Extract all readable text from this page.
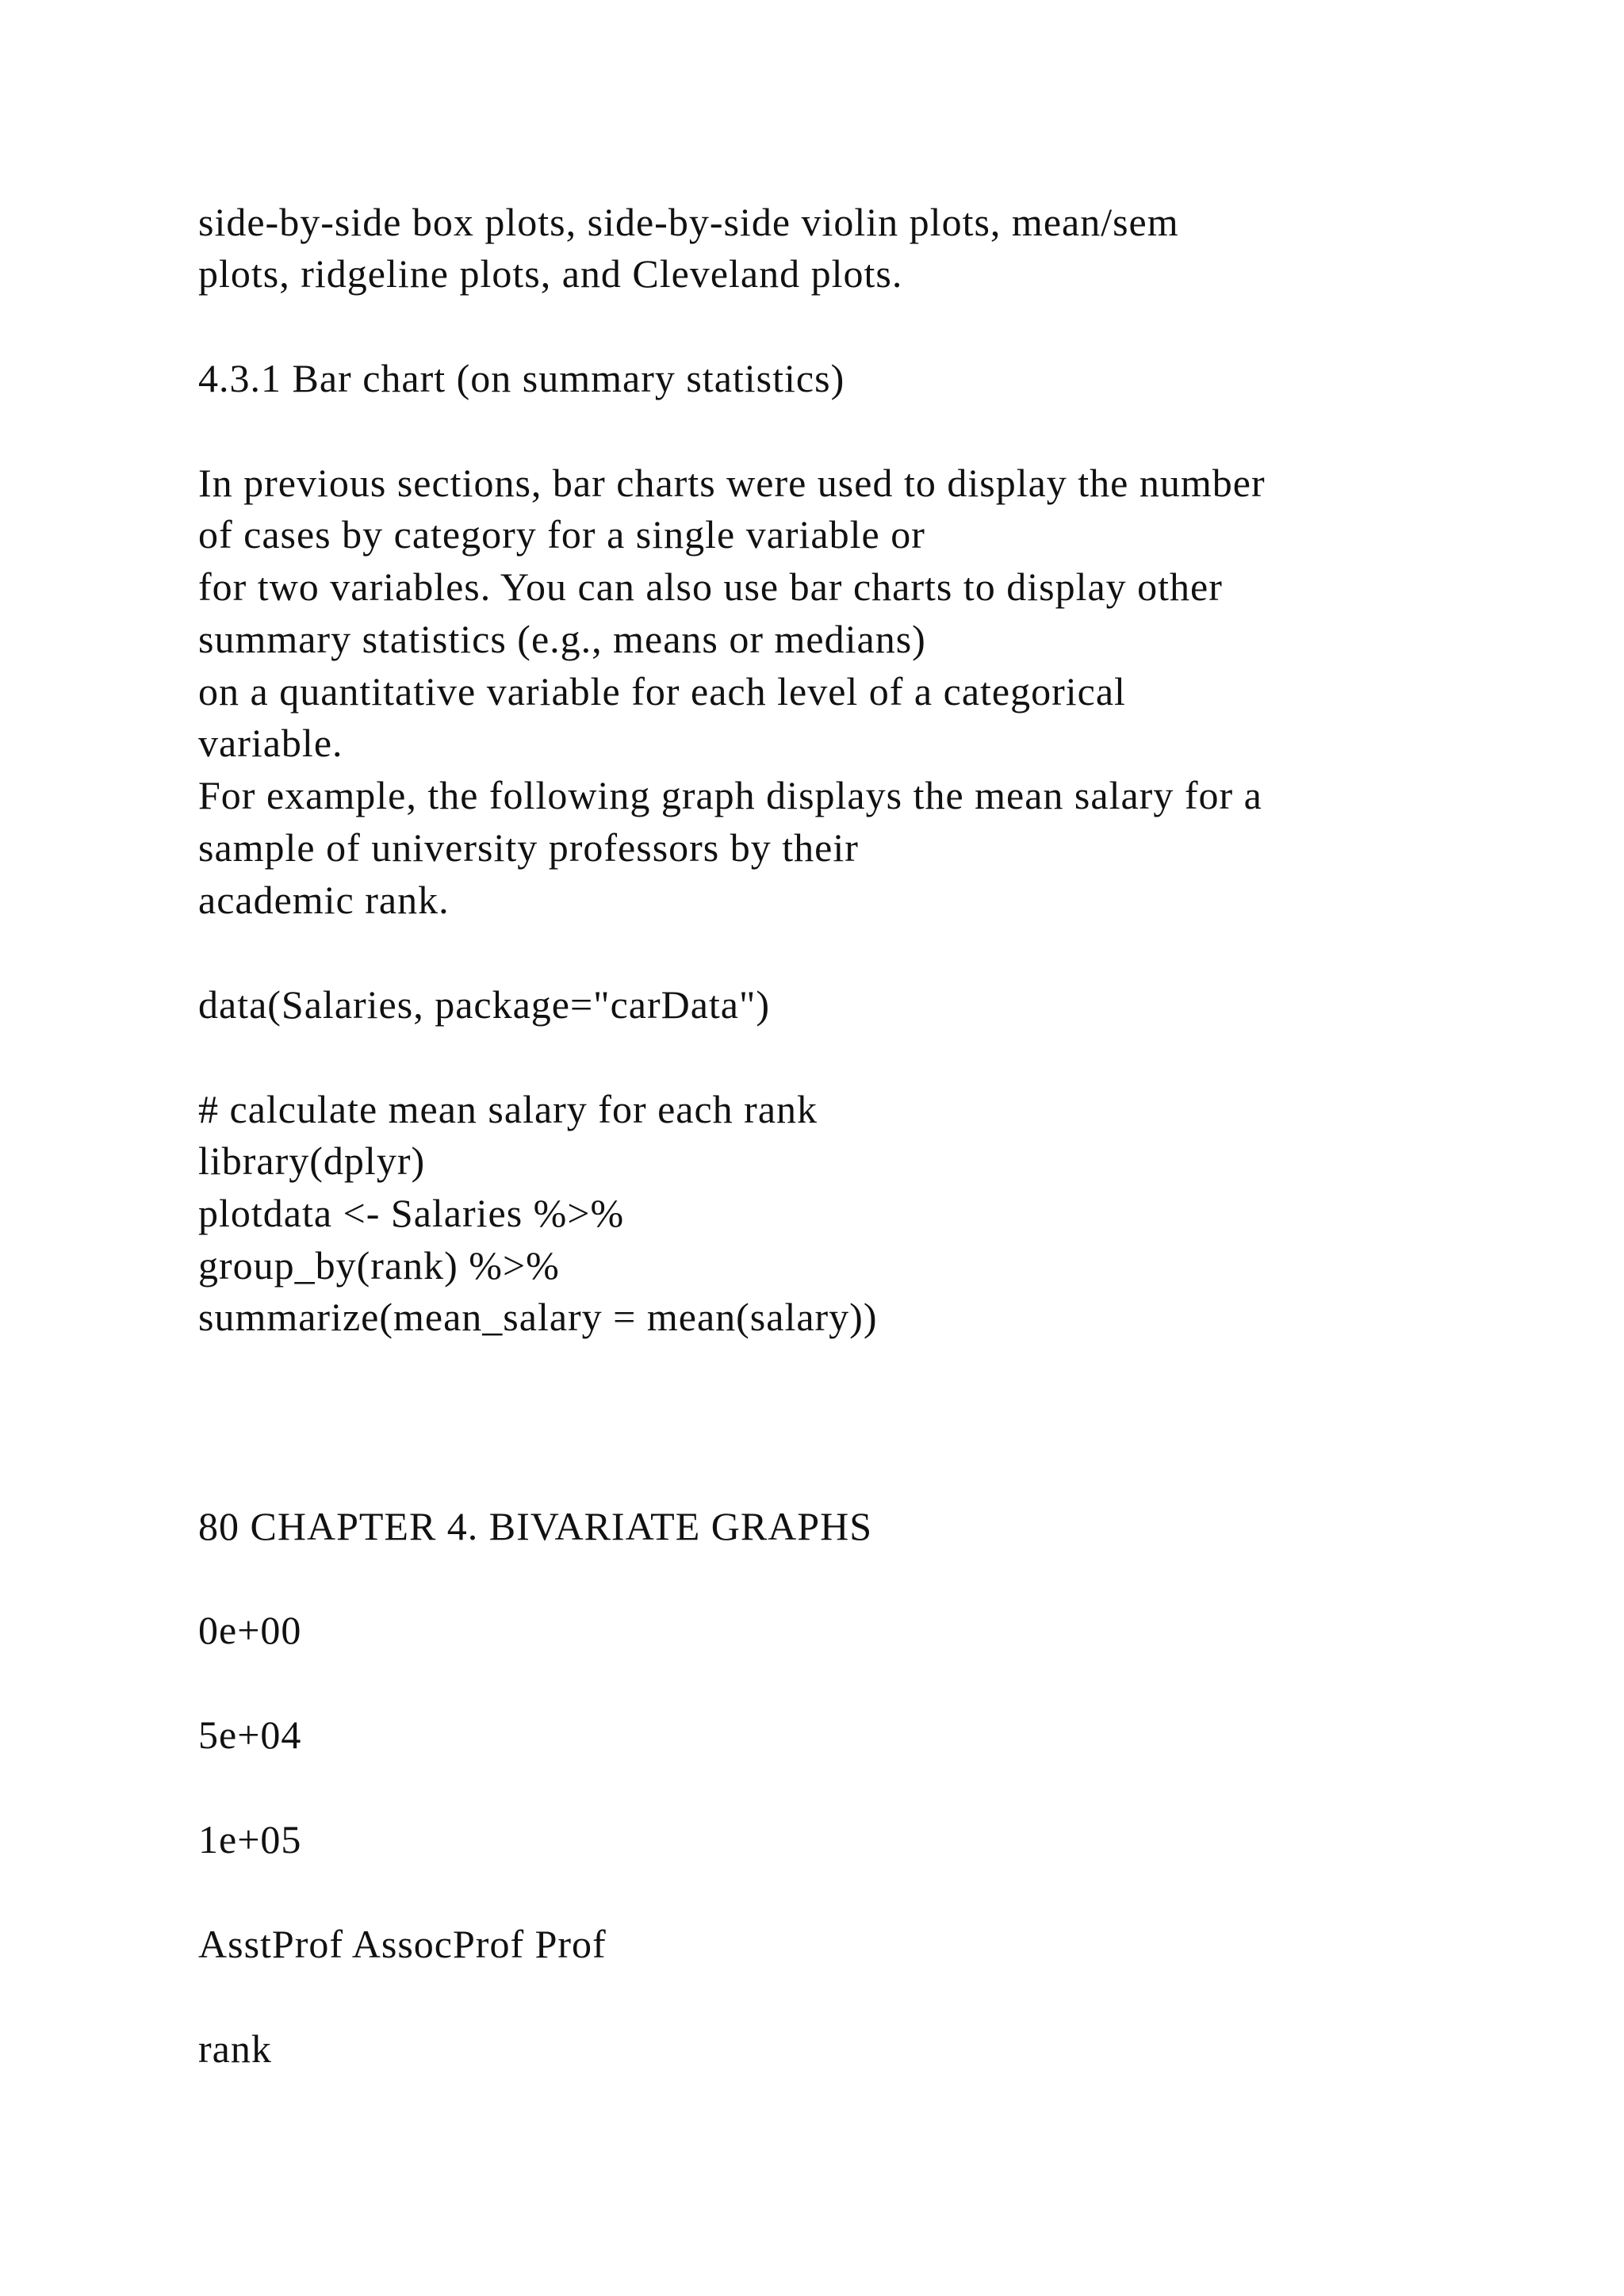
side-by-side box plots, side-by-side violin plots, mean/sem
plots, ridgeline plots, and Cleveland plots.
4.3.1 Bar chart (on summary statistics)
In previous sections, bar charts were used to display the number
of cases by category for a single variable or
for two variables. You can also use bar charts to display other
summary statistics (e.g., means or medians)
on a quantitative variable for each level of a categorical
variable.
For example, the following graph displays the mean salary for a
sample of university professors by their
academic rank.
data(Salaries, package="carData")
# calculate mean salary for each rank
library(dplyr)
plotdata <- Salaries %>%
group_by(rank) %>%
summarize(mean_salary = mean(salary))
80 CHAPTER 4. BIVARIATE GRAPHS
0e+00
5e+04
1e+05
AsstProf AssocProf Prof
rank
